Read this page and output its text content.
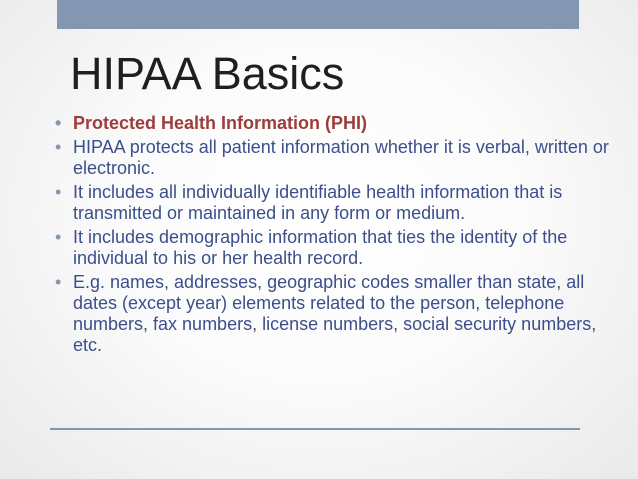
HIPAA Basics
• Protected Health Information (PHI)
• HIPAA protects all patient information whether it is verbal, written or electronic.
• It includes all individually identifiable health information that is transmitted or maintained in any form or medium.
• It includes demographic information that ties the identity of the individual to his or her health record.
• E.g. names, addresses, geographic codes smaller than state, all dates (except year) elements related to the person, telephone numbers, fax numbers, license numbers, social security numbers, etc.
